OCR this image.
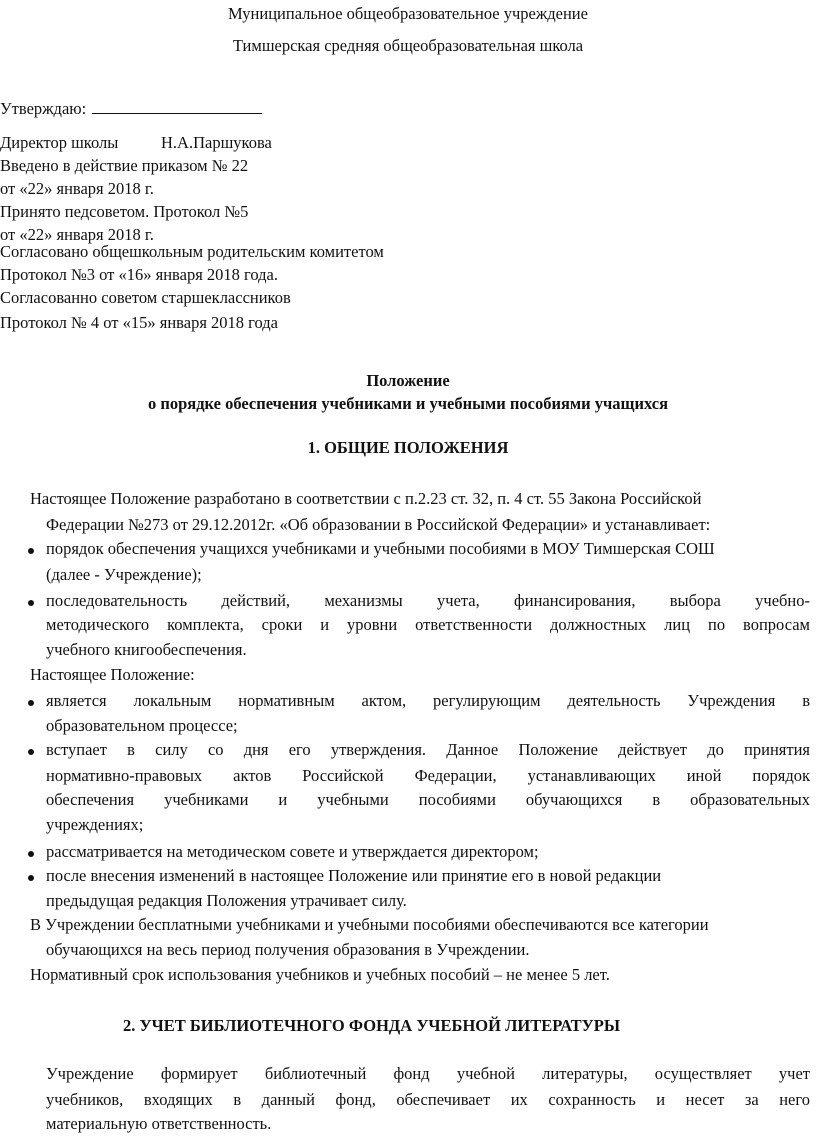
Муниципальное общеобразовательное учреждение
Тимшерская средняя общеобразовательная школа
Утверждаю:
Директор школы	Н.А.Паршукова
Введено в действие приказом № 22
от «22» января 2018 г.
Принято педсоветом. Протокол №5
от «22» января 2018 г.
Согласовано общешкольным родительским комитетом
Протокол №3 от «16» января 2018 года.
Согласованно советом старшеклассников
Протокол № 4 от «15» января 2018 года
Положение
о порядке обеспечения учебниками и учебными пособиями учащихся
1. ОБЩИЕ ПОЛОЖЕНИЯ
Настоящее Положение разработано в соответствии с п.2.23 ст. 32, п. 4 ст. 55 Закона Российской
Федерации №273 от 29.12.2012г. «Об образовании в Российской Федерации» и устанавливает:
порядок обеспечения учащихся учебниками и учебными пособиями в МОУ Тимшерская СОШ
(далее - Учреждение);
последовательность действий, механизмы учета, финансирования, выбора учебно-
методического комплекта, сроки и уровни ответственности должностных лиц по вопросам
учебного книгообеспечения.
Настоящее Положение:
является локальным нормативным актом, регулирующим деятельность Учреждения в
образовательном процессе;
вступает в силу со дня его утверждения. Данное Положение действует до принятия
нормативно-правовых актов Российской Федерации, устанавливающих иной порядок
обеспечения учебниками и учебными пособиями обучающихся в образовательных
учреждениях;
рассматривается на методическом совете и утверждается директором;
после внесения изменений в настоящее Положение или принятие его в новой редакции
предыдущая редакция Положения утрачивает силу.
В Учреждении бесплатными учебниками и учебными пособиями обеспечиваются все категории
обучающихся на весь период получения образования в Учреждении.
Нормативный срок использования учебников и учебных пособий – не менее 5 лет.
2. УЧЕТ БИБЛИОТЕЧНОГО ФОНДА УЧЕБНОЙ ЛИТЕРАТУРЫ
Учреждение формирует библиотечный фонд учебной литературы, осуществляет учет
учебников, входящих в данный фонд, обеспечивает их сохранность и несет за него
материальную ответственность.
